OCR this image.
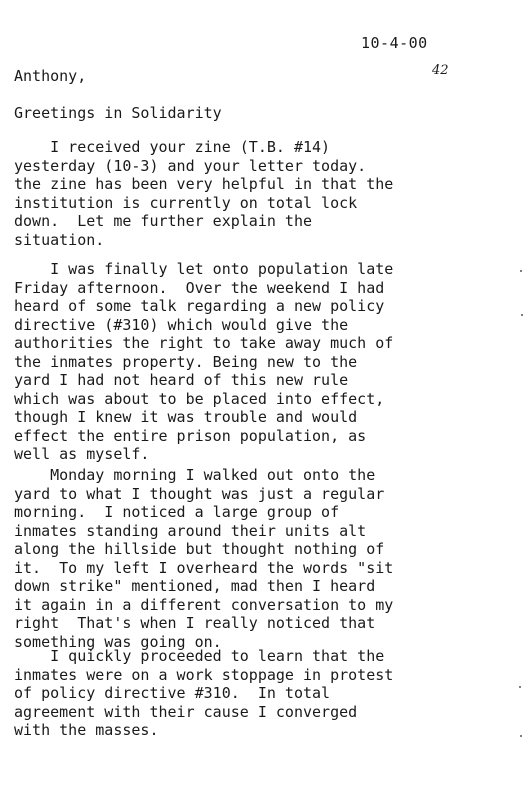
10-4-00
42
Anthony,
Greetings in Solidarity
I received your zine (T.B. #14)
yesterday (10-3) and your letter today.
the zine has been very helpful in that the
institution is currently on total lock
down.  Let me further explain the
situation.
I was finally let onto population late
Friday afternoon.  Over the weekend I had
heard of some talk regarding a new policy
directive (#310) which would give the
authorities the right to take away much of
the inmates property. Being new to the
yard I had not heard of this new rule
which was about to be placed into effect,
though I knew it was trouble and would
effect the entire prison population, as
well as myself.
Monday morning I walked out onto the
yard to what I thought was just a regular
morning.  I noticed a large group of
inmates standing around their units alt
along the hillside but thought nothing of
it.  To my left I overheard the words "sit
down strike" mentioned, mad then I heard
it again in a different conversation to my
right  That's when I really noticed that
something was going on.
I quickly proceeded to learn that the
inmates were on a work stoppage in protest
of policy directive #310.  In total
agreement with their cause I converged
with the masses.
